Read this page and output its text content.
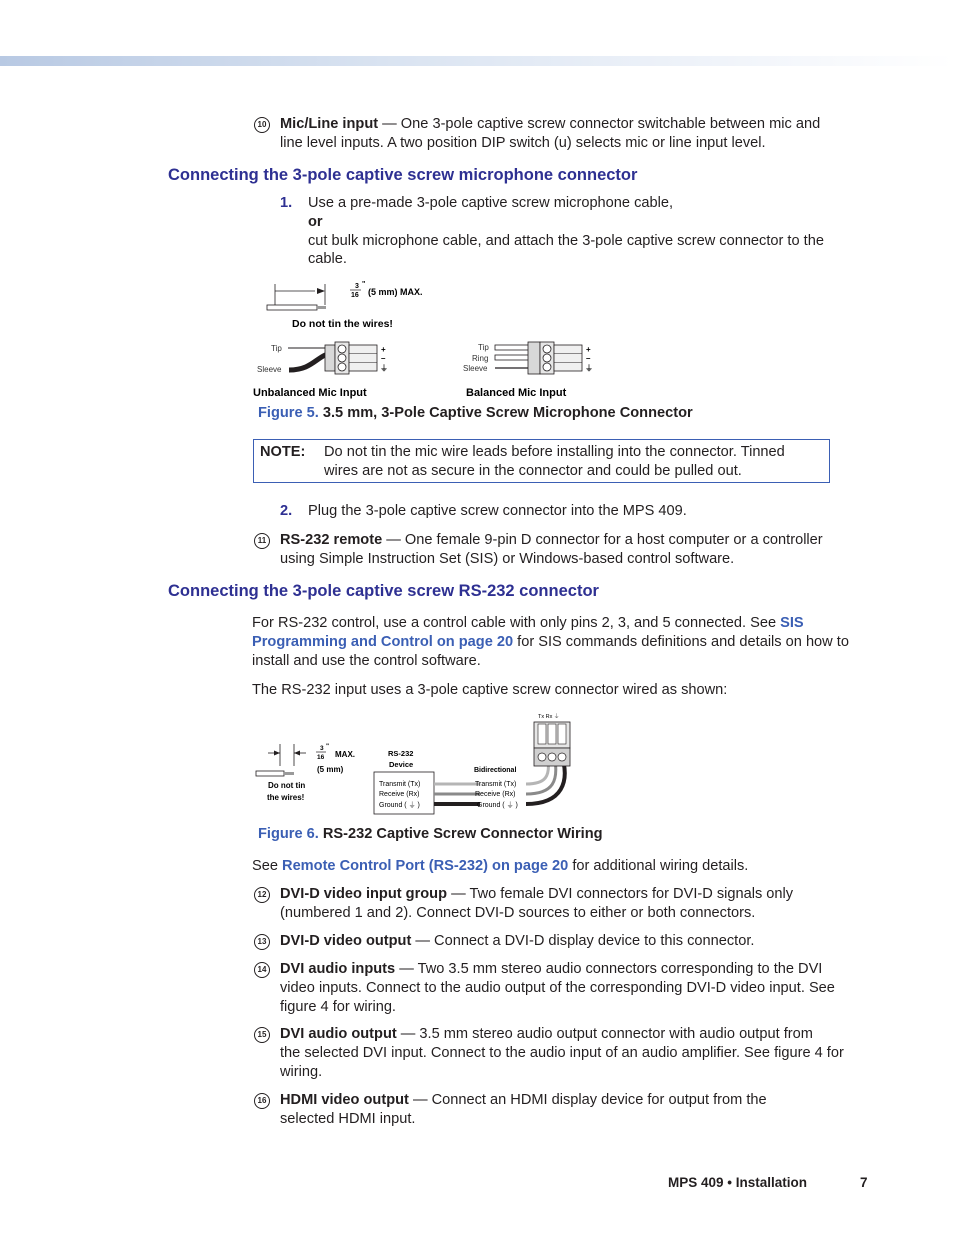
10 Mic/Line input — One 3-pole captive screw connector switchable between mic and
line level inputs. A two position DIP switch (u) selects mic or line input level.
Connecting the 3-pole captive screw microphone connector
1. Use a pre-made 3-pole captive screw microphone cable,
or
cut bulk microphone cable, and attach the 3-pole captive screw connector to the
cable.
3
16
"
(5 mm) MAX.
Do not tin the wires!
Tip
Sleeve
+
–
⏚
Unbalanced Mic Input
Tip
Ring
Sleeve
+
–
⏚
Balanced Mic Input
Figure 5. 3.5 mm, 3-Pole Captive Screw Microphone Connector
NOTE: Do not tin the mic wire leads before installing into the connector. Tinned
wires are not as secure in the connector and could be pulled out.
2. Plug the 3-pole captive screw connector into the MPS 409.
11 RS-232 remote — One female 9-pin D connector for a host computer or a controller
using Simple Instruction Set (SIS) or Windows-based control software.
Connecting the 3-pole captive screw RS-232 connector
For RS-232 control, use a control cable with only pins 2, 3, and 5 connected. See SIS
Programming and Control on page 20 for SIS commands definitions and details on how to
install and use the control software.
The RS-232 input uses a 3-pole captive screw connector wired as shown:
3
16
"
MAX.
(5 mm)
Do not tin
the wires!
RS-232
Device
Transmit (Tx)
Receive (Rx)
Ground ( ⏚ )
Bidirectional
Transmit (Tx)
Receive (Rx)
Ground ( ⏚ )
Tx Rx ⏚
Figure 6. RS-232 Captive Screw Connector Wiring
See Remote Control Port (RS-232) on page 20 for additional wiring details.
12 DVI-D video input group — Two female DVI connectors for DVI-D signals only
(numbered 1 and 2). Connect DVI-D sources to either or both connectors.
13 DVI-D video output — Connect a DVI-D display device to this connector.
14 DVI audio inputs — Two 3.5 mm stereo audio connectors corresponding to the DVI
video inputs. Connect to the audio output of the corresponding DVI-D video input. See
figure 4 for wiring.
15 DVI audio output — 3.5 mm stereo audio output connector with audio output from
the selected DVI input. Connect to the audio input of an audio amplifier. See figure 4 for
wiring.
16 HDMI video output — Connect an HDMI display device for output from the
selected HDMI input.
MPS 409 • Installation	7
